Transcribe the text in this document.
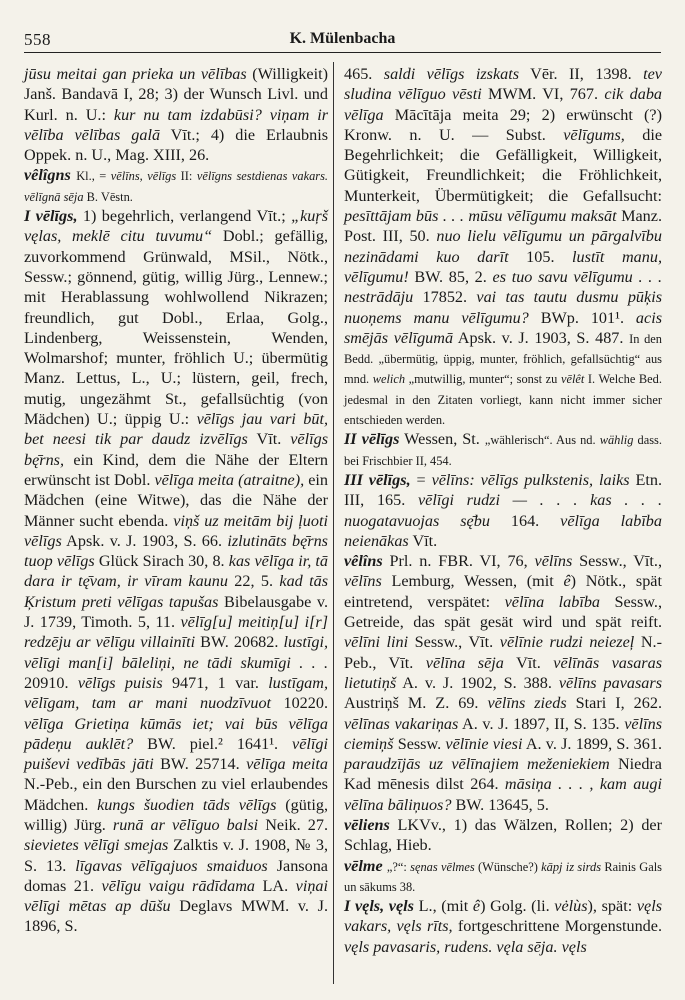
558	K. Mülenbacha

jūsu meitai gan prieka un vēlības (Willigkeit) Janš. Bandavā I, 28; 3) der Wunsch Livl. und Kurl. n. U.: kur nu tam izdabūsi? viņam ir vēlība vēlības galā Vīt.; 4) die Erlaubnis Oppek. n. U., Mag. XIII, 26.

vêlîgns Kl., = vēlīns, vēlīgs II: vēlīgns sestdienas vakars. vēlīgnā sēja B. Vēstn.

I vēlīgs, 1) begehrlich, verlangend Vīt.; „kuŗš vęlas, meklē citu tuvumu“ Dobl.; gefällig, zuvorkommend Grünwald, MSil., Nötk., Sessw.; gönnend, gütig, willig Jürg., Lennew.; mit Herablassung wohlwollend Nikrazen; freundlich, gut Dobl., Erlaa, Golg., Lindenberg, Weissenstein, Wenden, Wolmarshof; munter, fröhlich U.; übermütig Manz. Lettus, L., U.; lüstern, geil, frech, mutig, ungezähmt St., gefallsüchtig (von Mädchen) U.; üppig U.: vēlīgs jau vari būt, bet neesi tik par daudz izvēlīgs Vīt. vēlīgs bę̄rns, ein Kind, dem die Nähe der Eltern erwünscht ist Dobl. vēlīga meita (atraitne), ein Mädchen (eine Witwe), das die Nähe der Männer sucht ebenda. viņš uz meitām bij ļuoti vēlīgs Apsk. v. J. 1903, S. 66. izlutināts bę̄rns tuop vēlīgs Glück Sirach 30, 8. kas vēlīga ir, tā dara ir tę̄vam, ir vīram kaunu 22, 5. kad tās Ķristum preti vēlīgas tapušas Bibelausgabe v. J. 1739, Timoth. 5, 11. vēlīg[u] meitiņ[u] i[r] redzēju ar vēlīgu villainīti BW. 20682. lustīgi, vēlīgi man[i] bāleliņi, ne tādi skumīgi . . . 20910. vēlīgs puisis 9471, 1 var. lustīgam, vēlīgam, tam ar mani nuodzīvuot 10220. vēlīga Grietiņa kūmās iet; vai būs vēlīga pādeņu auklēt? BW. piel.² 1641¹. vēlīgi puiševi vedībās jāti BW. 25714. vēlīga meita N.-Peb., ein den Burschen zu viel erlaubendes Mädchen. kungs šuodien tāds vēlīgs (gütig, willig) Jürg. runā ar vēlīguo balsi Neik. 27. sievietes vēlīgi smejas Zalktis v. J. 1908, № 3, S. 13. līgavas vēlīgajuos smaiduos Jansona domas 21. vēlīgu vaigu rādīdama LA. viņai vēlīgi mētas ap dūšu Deglavs MWM. v. J. 1896, S.

465. saldi vēlīgs izskats Vēr. II, 1398. tev sludina vēlīguo vēsti MWM. VI, 767. cik daba vēlīga Mācītāja meita 29; 2) erwünscht (?) Kronw. n. U. — Subst. vēlīgums, die Begehrlichkeit; die Gefälligkeit, Willigkeit, Gütigkeit, Freundlichkeit; die Fröhlichkeit, Munterkeit, Übermütigkeit; die Gefallsucht: pesīttājam būs . . . mūsu vēlīgumu maksāt Manz. Post. III, 50. nuo lielu vēlīgumu un pārgalvību nezinādami kuo darīt 105. lustīt manu, vēlīgumu! BW. 85, 2. es tuo savu vēlīgumu . . . nestrādāju 17852. vai tas tautu dusmu pūķis nuoņems manu vēlīgumu? BWp. 101¹. acis smējās vēlīgumā Apsk. v. J. 1903, S. 487. In den Bedd. „übermütig, üppig, munter, fröhlich, gefallsüchtig“ aus mnd. welich „mutwillig, munter“; sonst zu vēlêt I. Welche Bed. jedesmal in den Zitaten vorliegt, kann nicht immer sicher entschieden werden.

II vēlīgs Wessen, St. „wählerisch“. Aus nd. wählig dass. bei Frischbier II, 454.

III vēlīgs, = vēlīns: vēlīgs pulkstenis, laiks Etn. III, 165. vēlīgi rudzi — . . . kas . . . nuogatavuojas sę̄bu 164. vēlīga labība neienākas Vīt.

vêlîns Prl. n. FBR. VI, 76, vēlīns Sessw., Vīt., vēlīns Lemburg, Wessen, (mit ê) Nötk., spät eintretend, verspätet: vēlīna labība Sessw., Getreide, das spät gesät wird und spät reift. vēlīni lini Sessw., Vīt. vēlīnie rudzi neiezeļ N.-Peb., Vīt. vēlīna sēja Vīt. vēlīnās vasaras lietutiņš A. v. J. 1902, S. 388. vēlīns pavasars Austriņš M. Z. 69. vēlīns zieds Stari I, 262. vēlīnas vakariņas A. v. J. 1897, II, S. 135. vēlīns ciemiņš Sessw. vēlīnie viesi A. v. J. 1899, S. 361. paraudzījās uz vēlīnajiem meženiekiem Niedra Kad mēnesis dilst 264. māsiņa . . . , kam augi vēlīna bāliņuos? BW. 13645, 5.

vēliens LKVv., 1) das Wälzen, Rollen; 2) der Schlag, Hieb.

vēlme „?“: sęnas vēlmes (Wünsche?) kāpj iz sirds Rainis Gals un sākums 38.

I vęls, vęls L., (mit ê) Golg. (li. vėlùs), spät: vęls vakars, vęls rīts, fortgeschrittene Morgenstunde. vęls pavasaris, rudens. vęla sēja. vęls
